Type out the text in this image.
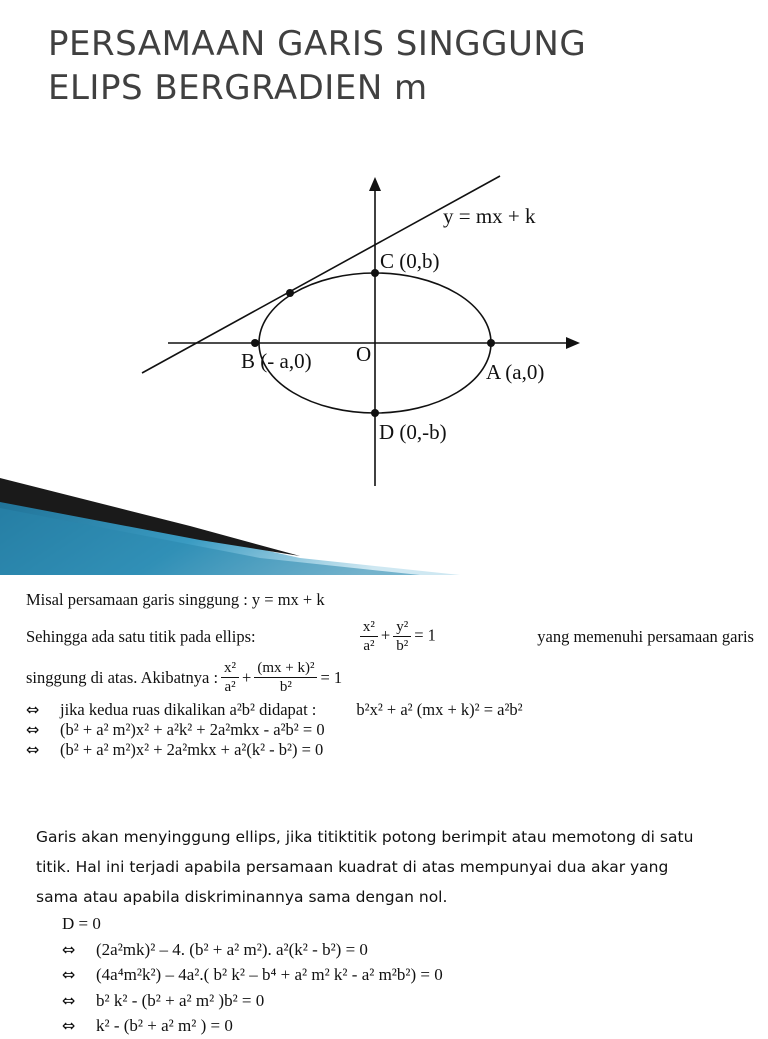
PERSAMAAN GARIS SINGGUNG
ELIPS BERGRADIEN m
y = mx + k
C (0,b)
B (- a,0) O
A (a,0)
D (0,-b)
Misal persamaan garis singgung : y = mx + k
Sehingga ada satu titik pada ellips:	$\frac{\text{x²}}{\text{a²}} + \frac{\text{y²}}{\text{b²}} = 1$	yang memenuhi persamaan garis
singgung di atas. Akibatnya : $\frac{\text{x²}}{\text{a²}} + \frac{\text{(mx + k)²}}{\text{b²}} = 1$
⇔ jika kedua ruas dikalikan a²b² didapat : b²x² + a² (mx + k)² = a²b²
⇔ (b² + a² m²)x² + a²k² + 2a²mkx - a²b² = 0
⇔ (b² + a² m²)x² + 2a²mkx + a²(k² - b²) = 0
Garis akan menyinggung ellips, jika titiktitik potong berimpit atau memotong di satu
titik. Hal ini terjadi apabila persamaan kuadrat di atas mempunyai dua akar yang
sama atau apabila diskriminannya sama dengan nol.
D = 0
⇔ (2a²mk)² – 4. (b² + a² m²). a²(k² - b²) = 0
⇔ (4a⁴m²k²) – 4a².( b² k² – b⁴ + a² m² k² - a² m²b²) = 0
⇔ b² k² - (b² + a² m² )b² = 0
⇔ k² - (b² + a² m² ) = 0
